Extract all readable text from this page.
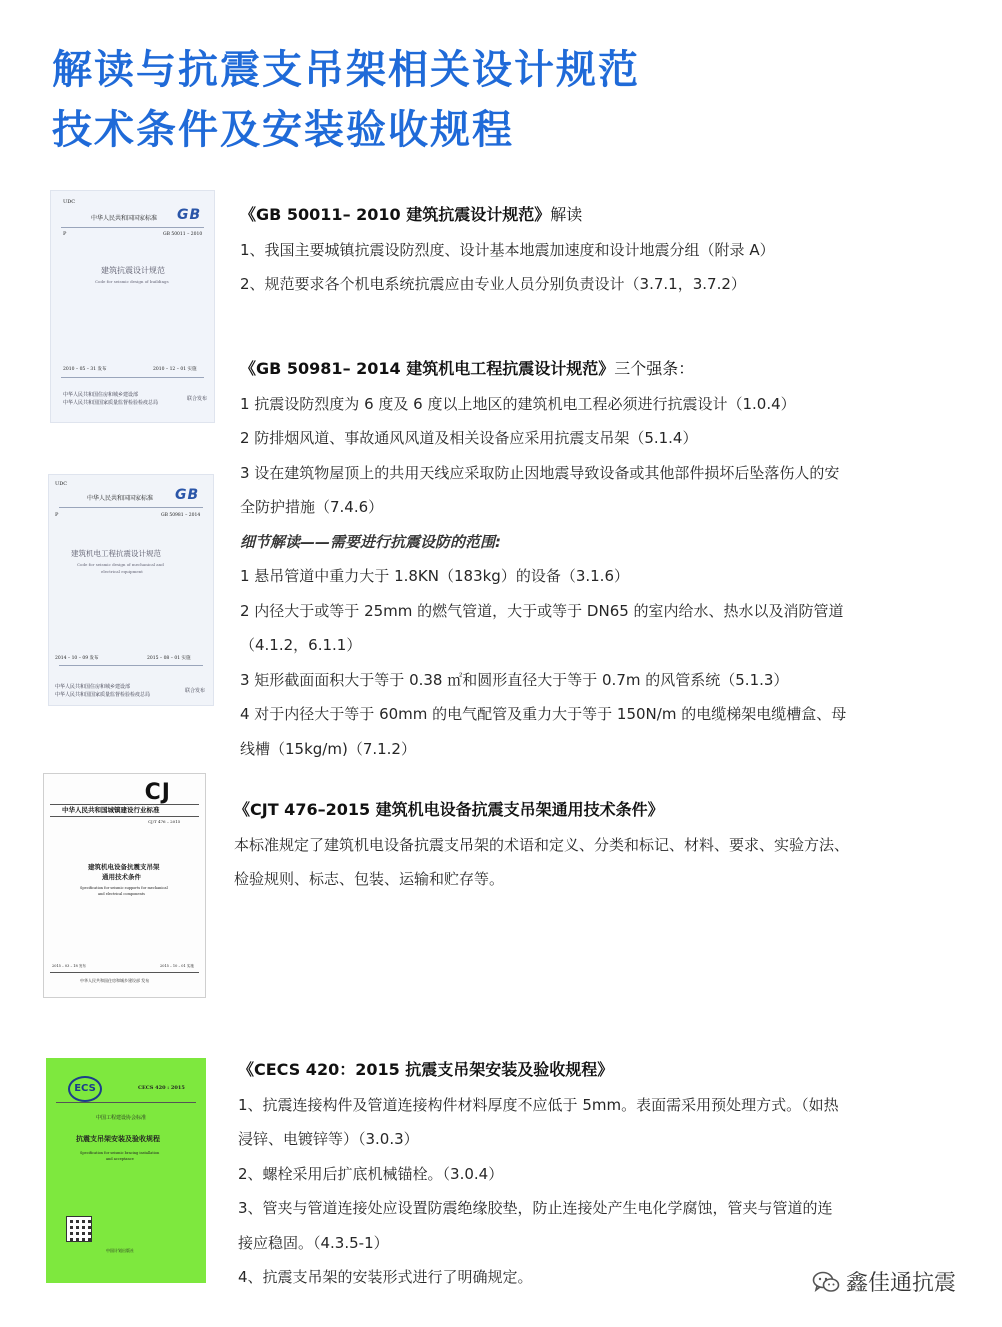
解读与抗震支吊架相关设计规范
技术条件及安装验收规程
UDC
中华人民共和国国家标准 GB
P	GB 50011 – 2010
建筑抗震设计规范
Code for seismic design of buildings
2010 – 05 – 31 发布	2010 – 12 – 01 实施
中华人民共和国住房和城乡建设部
中华人民共和国国家质量监督检验检疫总局
联合发布
UDC
中华人民共和国国家标准 GB
P	GB 50981 – 2014
建筑机电工程抗震设计规范
Code for seismic design of mechanical and
electrical equipment
2014 – 10 – 09 发布	2015 – 08 – 01 实施
中华人民共和国住房和城乡建设部
中华人民共和国国家质量监督检验检疫总局
联合发布
CJ
中华人民共和国城镇建设行业标准
CJ/T 476 – 2015
建筑机电设备抗震支吊架
通用技术条件
Specification for seismic supports for mechanical
and electrical components
2015 – 03 – 18 发布	2015 – 10 – 01 实施
中华人民共和国住房和城乡建设部 发布
ECS	CECS 420 : 2015
中国工程建设协会标准
抗震支吊架安装及验收规程
Specification for seismic bracing installation
and acceptance
中国计划出版社

《GB 50011– 2010 建筑抗震设计规范》解读

1、我国主要城镇抗震设防烈度、设计基本地震加速度和设计地震分组（附录 A）

2、规范要求各个机电系统抗震应由专业人员分别负责设计（3.7.1，3.7.2）

《GB 50981– 2014 建筑机电工程抗震设计规范》三个强条：

1 抗震设防烈度为 6 度及 6 度以上地区的建筑机电工程必须进行抗震设计（1.0.4）

2 防排烟风道、事故通风风道及相关设备应采用抗震支吊架（5.1.4）

3 设在建筑物屋顶上的共用天线应采取防止因地震导致设备或其他部件损坏后坠落伤人的安

全防护措施（7.4.6）

细节解读——需要进行抗震设防的范围:

1 悬吊管道中重力大于 1.8KN（183kg）的设备（3.1.6）

2 内径大于或等于 25mm 的燃气管道，大于或等于 DN65 的室内给水、热水以及消防管道

（4.1.2，6.1.1）

3 矩形截面面积大于等于 0.38 ㎡和圆形直径大于等于 0.7m 的风管系统（5.1.3）

4 对于内径大于等于 60mm 的电气配管及重力大于等于 150N/m 的电缆梯架电缆槽盒、母

线槽（15kg/m)（7.1.2）

《CJT 476–2015 建筑机电设备抗震支吊架通用技术条件》

本标准规定了建筑机电设备抗震支吊架的术语和定义、分类和标记、材料、要求、实验方法、

检验规则、标志、包装、运输和贮存等。

《CECS 420：2015 抗震支吊架安装及验收规程》

1、抗震连接构件及管道连接构件材料厚度不应低于 5mm。表面需采用预处理方式。（如热

浸锌、电镀锌等）（3.0.3）

2、螺栓采用后扩底机械锚栓。（3.0.4）

3、管夹与管道连接处应设置防震绝缘胶垫，防止连接处产生电化学腐蚀，管夹与管道的连

接应稳固。（4.3.5-1）

4、抗震支吊架的安装形式进行了明确规定。	鑫佳通抗震
